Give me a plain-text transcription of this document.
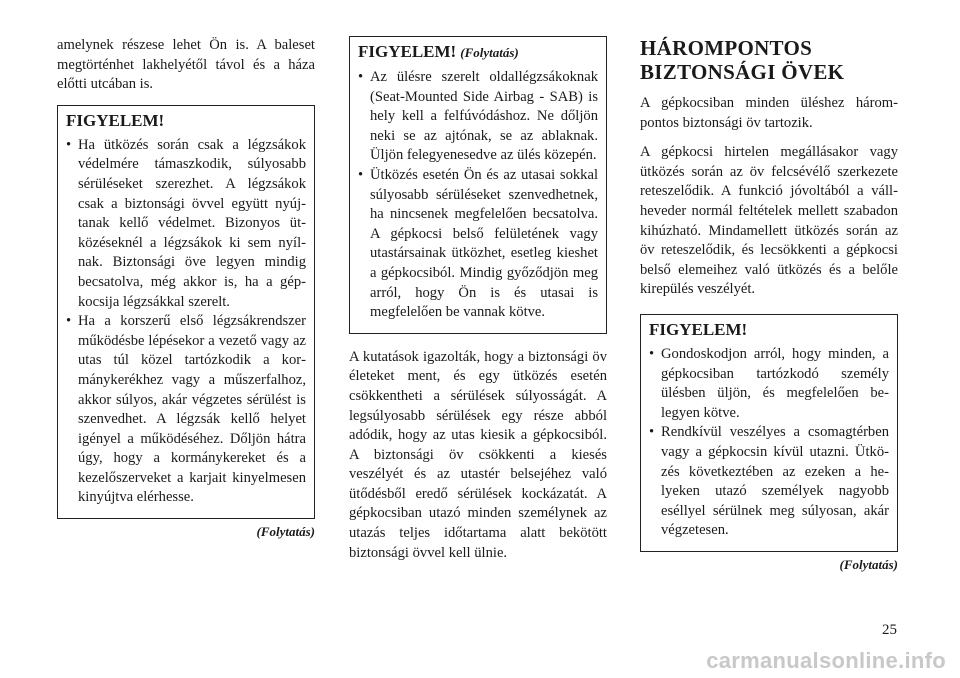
amelynek részese lehet Ön is. A baleset megtörténhet lakhelyétől távol és a háza előtti utcában is.

FIGYELEM!

• Ha ütközés során csak a légzsákok védelmére támaszkodik, súlyosabb sérüléseket szerezhet. A légzsákok csak a biztonsági övvel együtt nyújtanak kellő védelmet. Bizonyos ütközéseknél a légzsákok ki sem nyílnak. Biztonsági öve legyen mindig becsatolva, még akkor is, ha a gépkocsija légzsákkal szerelt.

• Ha a korszerű első légzsákrendszer működésbe lépésekor a vezető vagy az utas túl közel tartózkodik a kormánykerékhez vagy a műszerfalhoz, akkor súlyos, akár végzetes sérülést is szenvedhet. A légzsák kellő helyet igényel a működéséhez. Dőljön hátra úgy, hogy a kormánykereket és a kezelőszerveket a karjait kinyelmesen kinyújtva elérhesse.

(Folytatás)

FIGYELEM! (Folytatás)

• Az ülésre szerelt oldallégzsákoknak (Seat-Mounted Side Airbag - SAB) is hely kell a felfúvódáshoz. Ne dőljön neki se az ajtónak, se az ablaknak. Üljön felegyenesedve az ülés közepén.

• Ütközés esetén Ön és az utasai sokkal súlyosabb sérüléseket szenvedhetnek, ha nincsenek megfelelően becsatolva. A gépkocsi belső felületének vagy utastársainak ütközhet, esetleg kieshet a gépkocsiból. Mindig győződjön meg arról, hogy Ön is és utasai is megfelelően be vannak kötve.

A kutatások igazolták, hogy a biztonsági öv életeket ment, és egy ütközés esetén csökkentheti a sérülések súlyosságát. A legsúlyosabb sérülések egy része abból adódik, hogy az utas kiesik a gépkocsiból. A biztonsági öv csökkenti a kiesés veszélyét és az utastér belsejéhez való ütődésből eredő sérülések kockázatát. A gépkocsiban utazó minden személynek az utazás teljes időtartama alatt bekötött biztonsági övvel kell ülnie.

HÁROMPONTOS
BIZTONSÁGI ÖVEK

A gépkocsiban minden üléshez hárompontos biztonsági öv tartozik.

A gépkocsi hirtelen megállásakor vagy ütközés során az öv felcsévélő szerkezete reteszelődik. A funkció jóvoltából a vállheveder normál feltételek mellett szabadon kihúzható. Mindamellett ütközés során az öv reteszelődik, és lecsökkenti a gépkocsi belső elemeihez való ütközés és a belőle kirepülés veszélyét.

FIGYELEM!

• Gondoskodjon arról, hogy minden, a gépkocsiban tartózkodó személy ülésben üljön, és megfelelően belegyen kötve.

• Rendkívül veszélyes a csomagtérben vagy a gépkocsin kívül utazni. Ütközés következtében az ezeken a helyeken utazó személyek nagyobb eséllyel sérülnek meg súlyosan, akár végzetesen.

(Folytatás)

25
carmanualsonline.info
